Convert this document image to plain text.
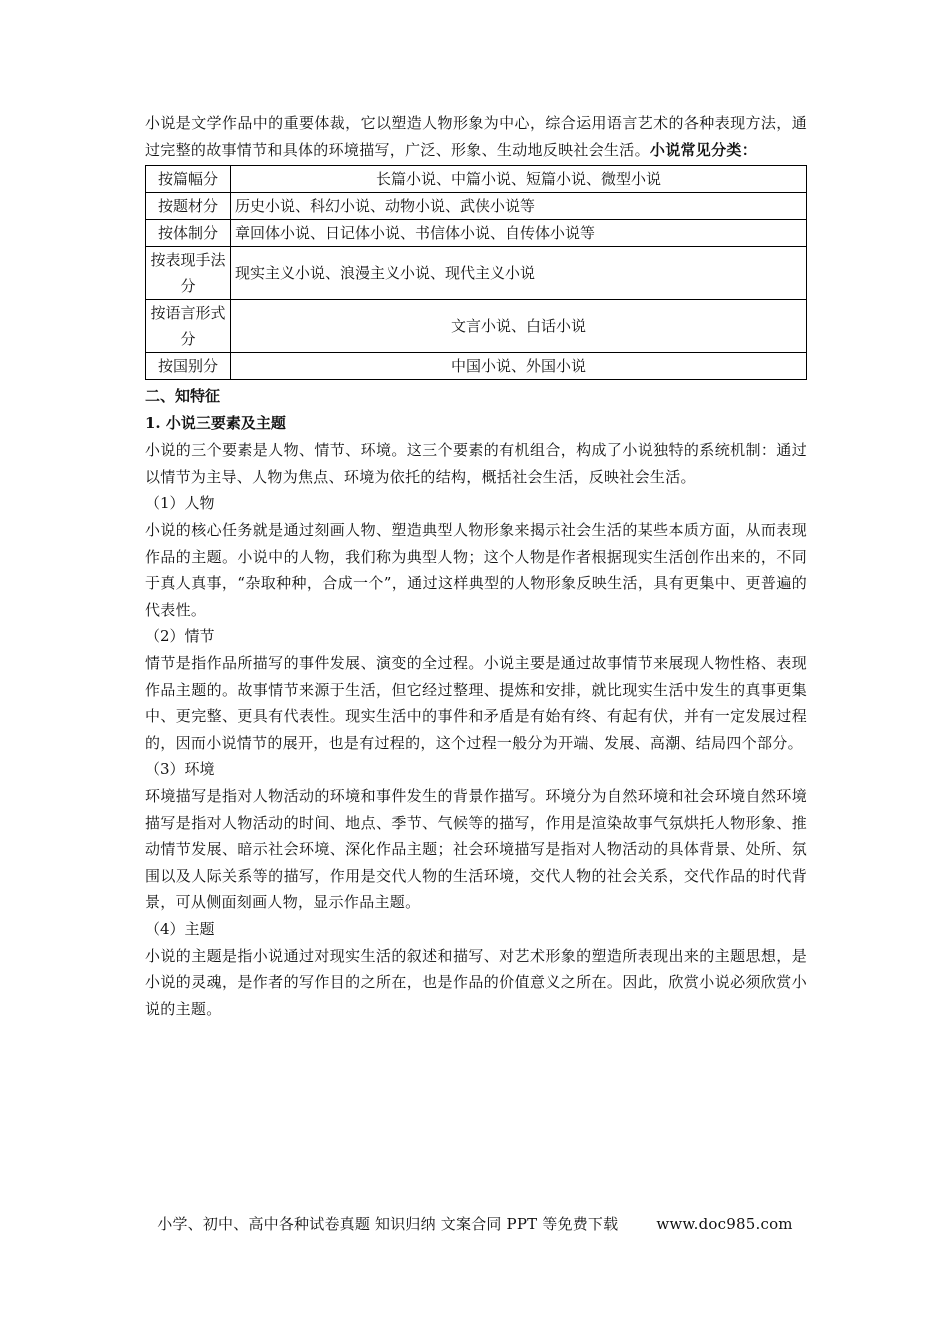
小说是文学作品中的重要体裁，它以塑造人物形象为中心，综合运用语言艺术的各种表现方法，通过完整的故事情节和具体的环境描写，广泛、形象、生动地反映社会生活。小说常见分类：

按篇幅分	长篇小说、中篇小说、短篇小说、微型小说
按题材分	历史小说、科幻小说、动物小说、武侠小说等
按体制分	章回体小说、日记体小说、书信体小说、自传体小说等
按表现手法分	现实主义小说、浪漫主义小说、现代主义小说
按语言形式分	文言小说、白话小说
按国别分	中国小说、外国小说

二、知特征

1. 小说三要素及主题

小说的三个要素是人物、情节、环境。这三个要素的有机组合，构成了小说独特的系统机制：通过以情节为主导、人物为焦点、环境为依托的结构，概括社会生活，反映社会生活。

（1）人物

小说的核心任务就是通过刻画人物、塑造典型人物形象来揭示社会生活的某些本质方面，从而表现作品的主题。小说中的人物，我们称为典型人物；这个人物是作者根据现实生活创作出来的，不同于真人真事，“杂取种种，合成一个”，通过这样典型的人物形象反映生活，具有更集中、更普遍的代表性。

（2）情节

情节是指作品所描写的事件发展、演变的全过程。小说主要是通过故事情节来展现人物性格、表现作品主题的。故事情节来源于生活，但它经过整理、提炼和安排，就比现实生活中发生的真事更集中、更完整、更具有代表性。现实生活中的事件和矛盾是有始有终、有起有伏，并有一定发展过程的，因而小说情节的展开，也是有过程的，这个过程一般分为开端、发展、高潮、结局四个部分。

（3）环境

环境描写是指对人物活动的环境和事件发生的背景作描写。环境分为自然环境和社会环境自然环境描写是指对人物活动的时间、地点、季节、气候等的描写，作用是渲染故事气氛烘托人物形象、推动情节发展、暗示社会环境、深化作品主题；社会环境描写是指对人物活动的具体背景、处所、氛围以及人际关系等的描写，作用是交代人物的生活环境，交代人物的社会关系，交代作品的时代背景，可从侧面刻画人物，显示作品主题。

（4）主题

小说的主题是指小说通过对现实生活的叙述和描写、对艺术形象的塑造所表现出来的主题思想，是小说的灵魂，是作者的写作目的之所在，也是作品的价值意义之所在。因此，欣赏小说必须欣赏小说的主题。

小学、初中、高中各种试卷真题 知识归纳 文案合同 PPT 等免费下载	www.doc985.com
